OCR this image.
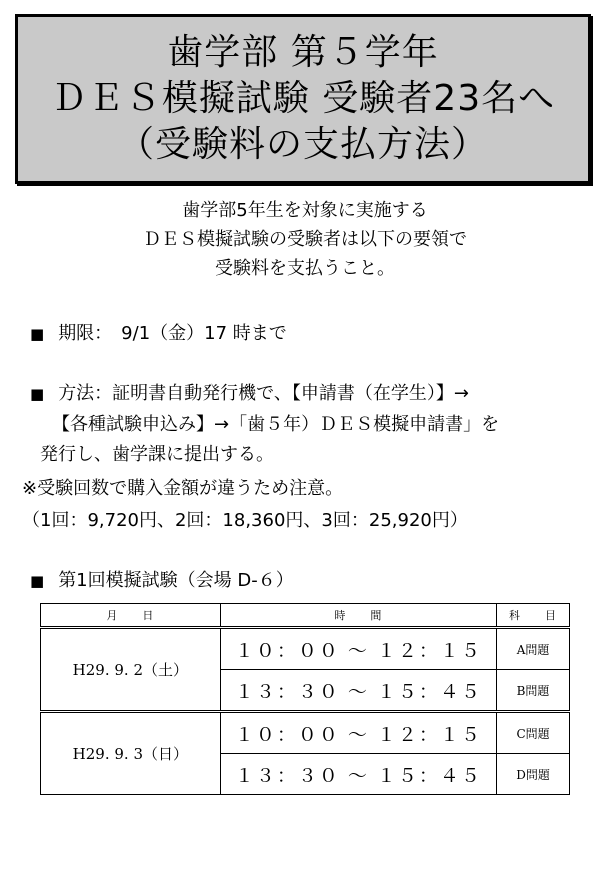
歯学部 第５学年
ＤＥＳ模擬試験 受験者23名へ
（受験料の支払方法）
歯学部5年生を対象に実施する
ＤＥＳ模擬試験の受験者は以下の要領で
受験料を支払うこと。
■ 期限：　9/1（金）17 時まで
■ 方法：証明書自動発行機で、【申請書（在学生）】→
【各種試験申込み】→「歯５年）ＤＥＳ模擬申請書」を
発行し、歯学課に提出する。
※受験回数で購入金額が違うため注意。
（1回：9,720円、2回：18,360円、3回：25,920円）
■ 第1回模擬試験（会場 D-６）
月　　日	時　　間	科　　目
H29. 9. 2（土）	１０：００ ～ １２：１５	A問題
	１３：３０ ～ １５：４５	B問題
H29. 9. 3（日）	１０：００ ～ １２：１５	C問題
	１３：３０ ～ １５：４５	D問題
